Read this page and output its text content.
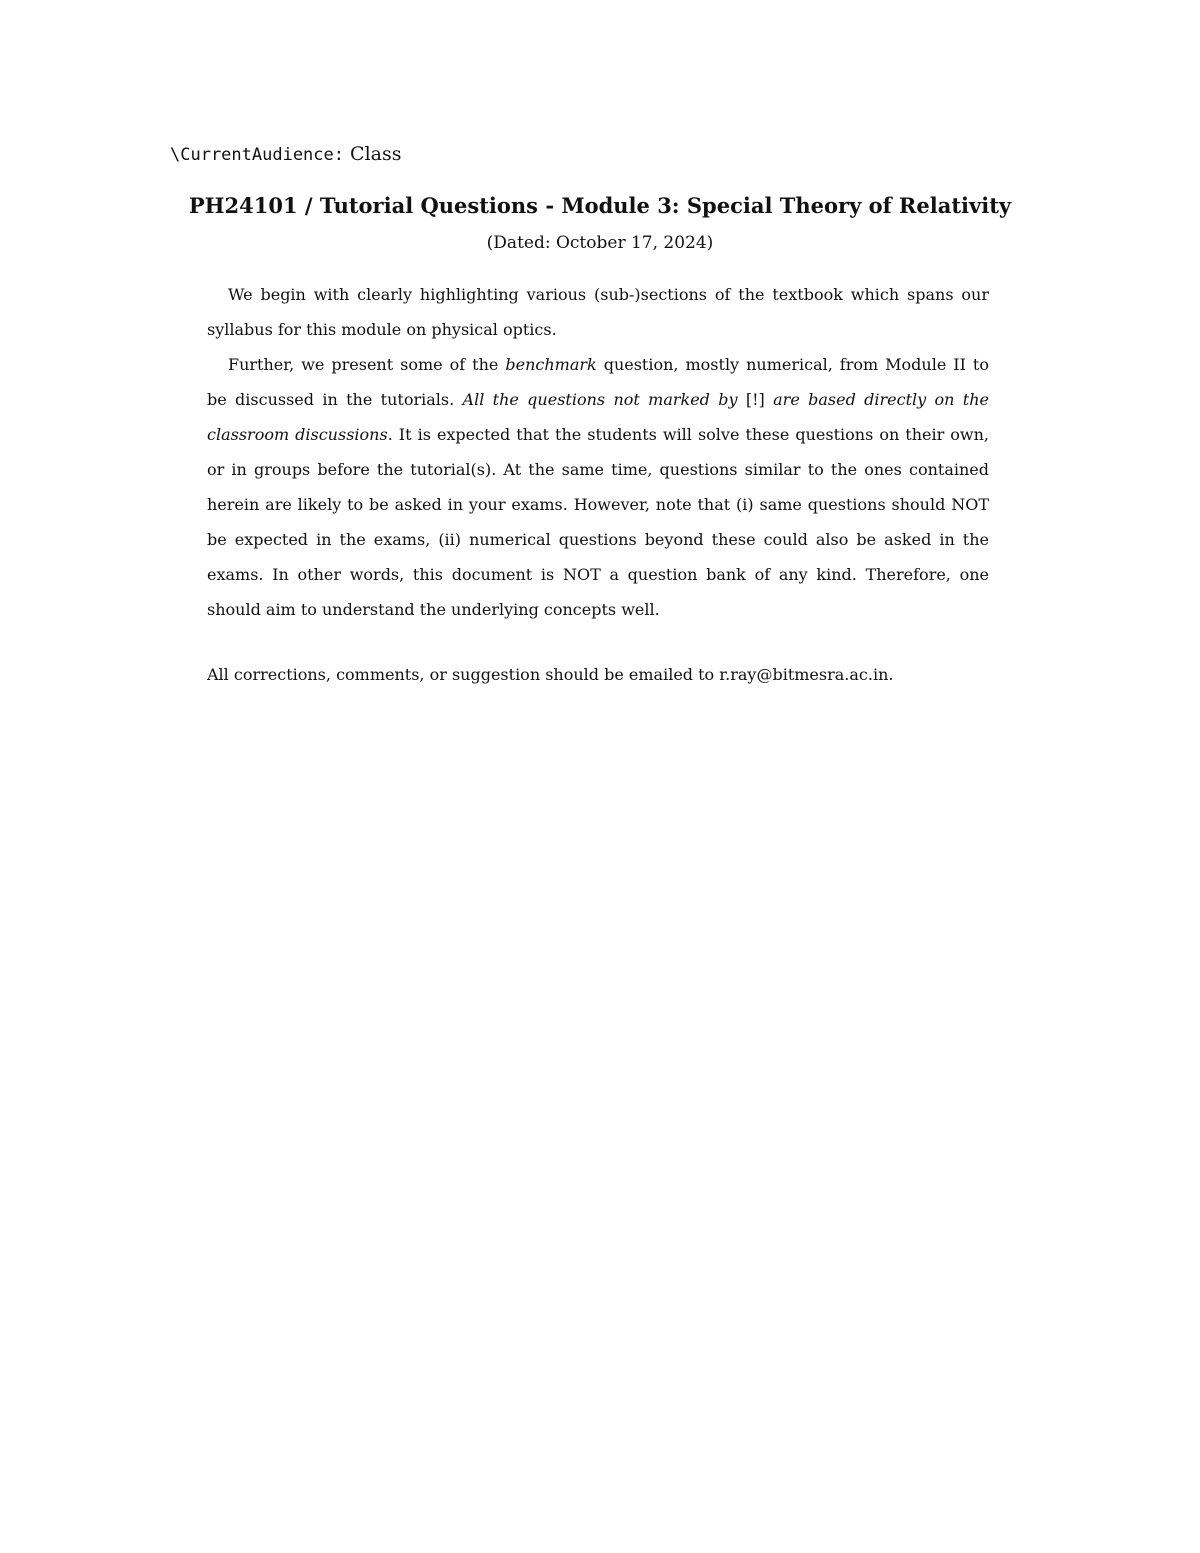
\CurrentAudience: Class
PH24101 / Tutorial Questions - Module 3: Special Theory of Relativity
(Dated: October 17, 2024)

We begin with clearly highlighting various (sub-)sections of the textbook which spans our syllabus for this module on physical optics.

Further, we present some of the benchmark question, mostly numerical, from Module II to be discussed in the tutorials. All the questions not marked by [!] are based directly on the classroom discussions. It is expected that the students will solve these questions on their own, or in groups before the tutorial(s). At the same time, questions similar to the ones contained herein are likely to be asked in your exams. However, note that (i) same questions should NOT be expected in the exams, (ii) numerical questions beyond these could also be asked in the exams. In other words, this document is NOT a question bank of any kind. Therefore, one should aim to understand the underlying concepts well.

All corrections, comments, or suggestion should be emailed to r.ray@bitmesra.ac.in.
